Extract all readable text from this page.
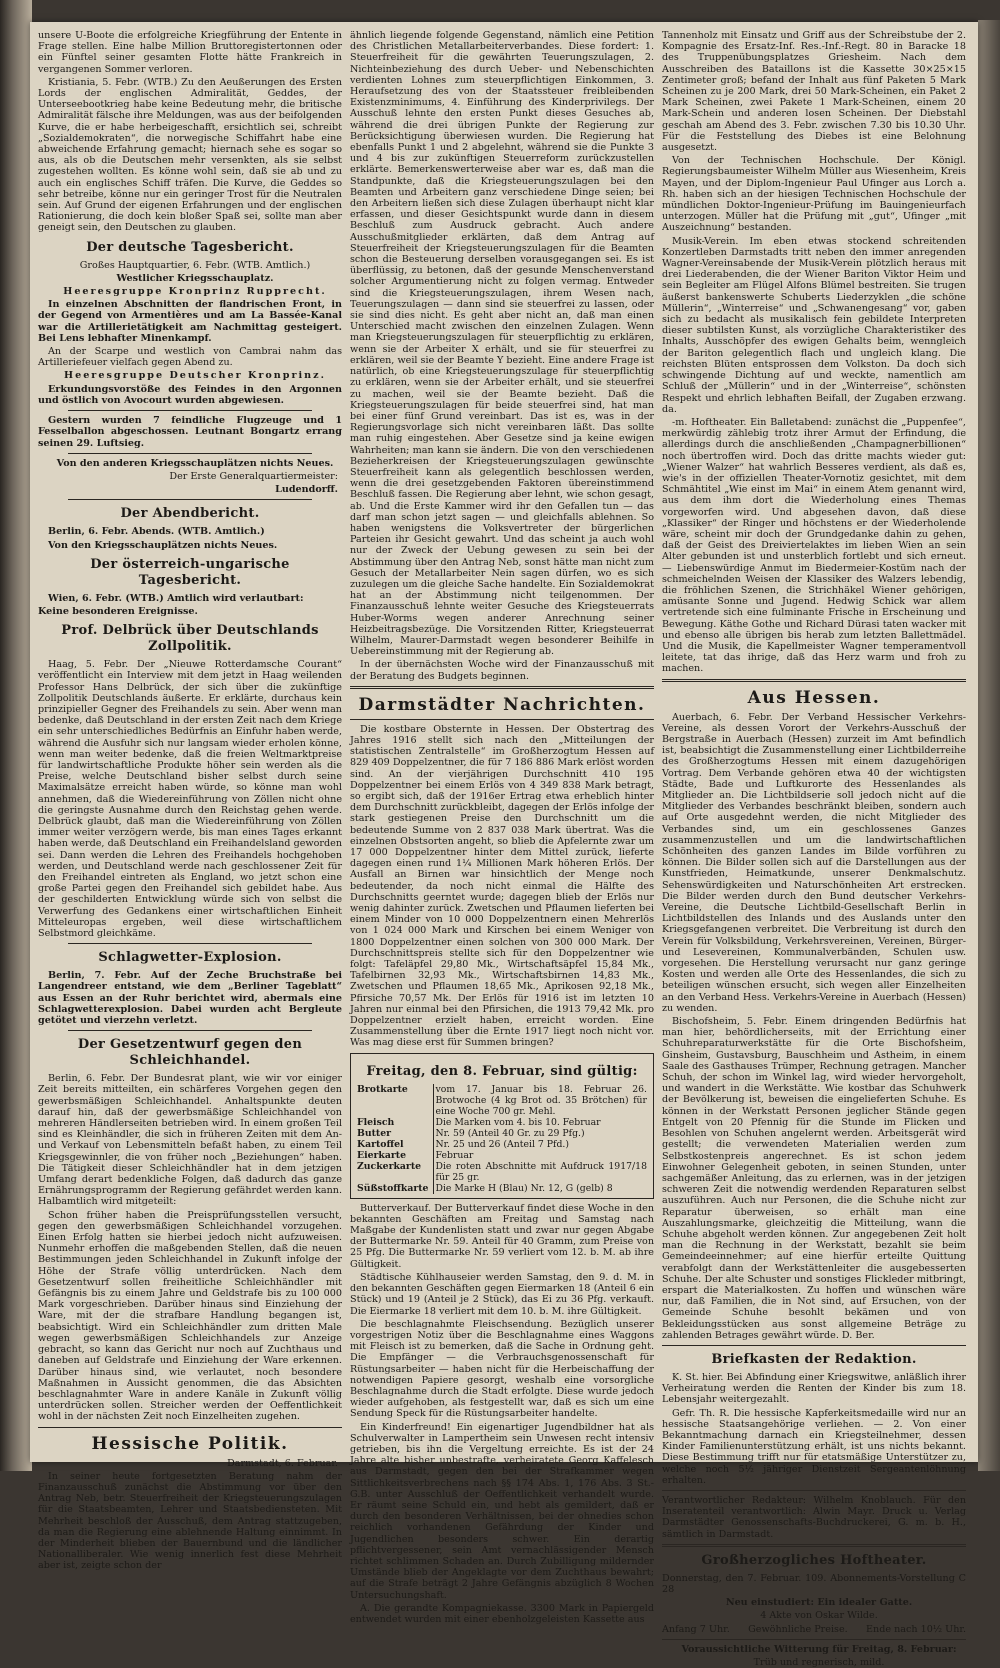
unsere U-Boote die erfolgreiche Kriegführung der Entente in Frage stellen. Eine halbe Million Bruttoregistertonnen oder ein Fünftel seiner gesamten Flotte hätte Frankreich in vergangenen Sommer verloren.

Kristiania, 5. Febr. (WTB.) Zu den Aeußerungen des Ersten Lords der englischen Admiralität, Geddes, der Unterseebootkrieg habe keine Bedeutung mehr, die britische Admiralität fälsche ihre Meldungen, was aus der beifolgenden Kurve, die er habe herbeigeschafft, ersichtlich sei, schreibt „Sozialdemokraten“, die norwegische Schiffahrt habe eine abweichende Erfahrung gemacht; hiernach sehe es sogar so aus, als ob die Deutschen mehr versenkten, als sie selbst zugestehen wollten. Es könne wohl sein, daß sie ab und zu auch ein englisches Schiff träfen. Die Kurve, die Geddes so sehr betreibe, könne nur ein geringer Trost für die Neutralen sein. Auf Grund der eigenen Erfahrungen und der englischen Rationierung, die doch kein bloßer Spaß sei, sollte man aber geneigt sein, den Deutschen zu glauben.

Der deutsche Tagesbericht.

Großes Hauptquartier, 6. Febr. (WTB. Amtlich.)

Westlicher Kriegsschauplatz.

Heeresgruppe Kronprinz Rupprecht.

In einzelnen Abschnitten der flandrischen Front, in der Gegend von Armentières und am La Bassée-Kanal war die Artillerietätigkeit am Nachmittag gesteigert. Bei Lens lebhafter Minenkampf.

An der Scarpe und westlich von Cambrai nahm das Artilleriefeuer vielfach gegen Abend zu.

Heeresgruppe Deutscher Kronprinz.

Erkundungsvorstöße des Feindes in den Argonnen und östlich von Avocourt wurden abgewiesen.

Gestern wurden 7 feindliche Flugzeuge und 1 Fesselballon abgeschossen. Leutnant Bongartz errang seinen 29. Luftsieg.

Von den anderen Kriegsschauplätzen nichts Neues.

Der Erste Generalquartiermeister:

Ludendorff.

Der Abendbericht.

Berlin, 6. Febr. Abends. (WTB. Amtlich.)

Von den Kriegsschauplätzen nichts Neues.

Der österreich-ungarische Tagesbericht.

Wien, 6. Febr. (WTB.) Amtlich wird verlautbart:

Keine besonderen Ereignisse.

Prof. Delbrück über Deutschlands Zollpolitik.

Haag, 5. Febr. Der „Nieuwe Rotterdamsche Courant“ veröffentlicht ein Interview mit dem jetzt in Haag weilenden Professor Hans Delbrück, der sich über die zukünftige Zollpolitik Deutschlands äußerte. Er erklärte, durchaus kein prinzipieller Gegner des Freihandels zu sein. Aber wenn man bedenke, daß Deutschland in der ersten Zeit nach dem Kriege ein sehr unterschiedliches Bedürfnis an Einfuhr haben werde, während die Ausfuhr sich nur langsam wieder erholen könne, wenn man weiter bedenke, daß die freien Weltmarktpreise für landwirtschaftliche Produkte höher sein werden als die Preise, welche Deutschland bisher selbst durch seine Maximalsätze erreicht haben würde, so könne man wohl annehmen, daß die Wiedereinführung von Zöllen nicht ohne die geringste Ausnahme durch den Reichstag gehen werde. Delbrück glaubt, daß man die Wiedereinführung von Zöllen immer weiter verzögern werde, bis man eines Tages erkannt haben werde, daß Deutschland ein Freihandelsland geworden sei. Dann werden die Lehren des Freihandels hochgehoben werden, und Deutschland werde nach geschlossener Zeit für den Freihandel eintreten als England, wo jetzt schon eine große Partei gegen den Freihandel sich gebildet habe. Aus der geschilderten Entwicklung würde sich von selbst die Verwerfung des Gedankens einer wirtschaftlichen Einheit Mitteleuropas ergeben, weil diese wirtschaftlichem Selbstmord gleichkäme.

Schlagwetter-Explosion.

Berlin, 7. Febr. Auf der Zeche Bruchstraße bei Langendreer entstand, wie dem „Berliner Tageblatt“ aus Essen an der Ruhr berichtet wird, abermals eine Schlagwetterexplosion. Dabei wurden acht Bergleute getötet und vierzehn verletzt.

Der Gesetzentwurf gegen den Schleichhandel.

Berlin, 6. Febr. Der Bundesrat plant, wie wir vor einiger Zeit bereits mitteilten, ein schärferes Vorgehen gegen den gewerbsmäßigen Schleichhandel. Anhaltspunkte deuten darauf hin, daß der gewerbsmäßige Schleichhandel von mehreren Händlerseiten betrieben wird. In einem großen Teil sind es Kleinhändler, die sich in früheren Zeiten mit dem An- und Verkauf von Lebensmitteln befaßt haben, zu einem Teil Kriegsgewinnler, die von früher noch „Beziehungen“ haben. Die Tätigkeit dieser Schleichhändler hat in dem jetzigen Umfang derart bedenkliche Folgen, daß dadurch das ganze Ernährungsprogramm der Regierung gefährdet werden kann. Halbamtlich wird mitgeteilt:

Schon früher haben die Preisprüfungsstellen versucht, gegen den gewerbsmäßigen Schleichhandel vorzugehen. Einen Erfolg hatten sie hierbei jedoch nicht aufzuweisen. Nunmehr erhoffen die maßgebenden Stellen, daß die neuen Bestimmungen jeden Schleichhandel in Zukunft infolge der Höhe der Strafe völlig unterdrücken. Nach dem Gesetzentwurf sollen freiheitliche Schleichhändler mit Gefängnis bis zu einem Jahre und Geldstrafe bis zu 100 000 Mark vorgeschrieben. Darüber hinaus sind Einziehung der Ware, mit der die strafbare Handlung begangen ist, beabsichtigt. Wird ein Schleichhändler zum dritten Male wegen gewerbsmäßigen Schleichhandels zur Anzeige gebracht, so kann das Gericht nur noch auf Zuchthaus und daneben auf Geldstrafe und Einziehung der Ware erkennen. Darüber hinaus sind, wie verlautet, noch besondere Maßnahmen in Aussicht genommen, die das Absichten beschlagnahmter Ware in andere Kanäle in Zukunft völlig unterdrücken sollen. Streicher werden der Oeffentlichkeit wohl in der nächsten Zeit noch Einzelheiten zugehen.

Hessische Politik.

Darmstadt, 6. Februar.

In seiner heute fortgesetzten Beratung nahm der Finanzausschuß zunächst die Abstimmung vor über den Antrag Neb, betr. Steuerfreiheit der Kriegsteuerungszulagen für die Staatsbeamten, Lehrer und Staatsbediensteten. Mit Mehrheit beschloß der Ausschuß, dem Antrag stattzugeben, da man die Regierung eine ablehnende Haltung einnimmt. In der Minderheit blieben der Bauernbund und die ländlicher Nationalliberaler. Wie wenig innerlich fest diese Mehrheit aber ist, zeigte schon der

ähnlich liegende folgende Gegenstand, nämlich eine Petition des Christlichen Metallarbeiterverbandes. Diese fordert: 1. Steuerfreiheit für die gewährten Teuerungszulagen, 2. Nichteinbeziehung des durch Ueber- und Nebenschichten verdienten Lohnes zum steuerpflichtigen Einkommen, 3. Heraufsetzung des von der Staatssteuer freibleibenden Existenzminimums, 4. Einführung des Kinderprivilegs. Der Ausschuß lehnte den ersten Punkt dieses Gesuches ab, während die drei übrigen Punkte der Regierung zur Berücksichtigung überwiesen wurden. Die Regierung hat ebenfalls Punkt 1 und 2 abgelehnt, während sie die Punkte 3 und 4 bis zur zukünftigen Steuerreform zurückzustellen erklärte. Bemerkenswerterweise aber war es, daß man die Standpunkte, daß die Kriegsteuerungszulagen bei den Beamten und Arbeitern ganz verschiedene Dinge seien; bei den Arbeitern ließen sich diese Zulagen überhaupt nicht klar erfassen, und dieser Gesichtspunkt wurde dann in diesem Beschluß zum Ausdruck gebracht. Auch andere Ausschußmitglieder erklärten, daß dem Antrag auf Steuerfreiheit der Kriegsteuerungszulagen für die Beamten schon die Besteuerung derselben vorausgegangen sei. Es ist überflüssig, zu betonen, daß der gesunde Menschenverstand solcher Argumentierung nicht zu folgen vermag. Entweder sind die Kriegsteuerungszulagen, ihrem Wesen nach, Teuerungszulagen — dann sind sie steuerfrei zu lassen, oder sie sind dies nicht. Es geht aber nicht an, daß man einen Unterschied macht zwischen den einzelnen Zulagen. Wenn man Kriegsteuerungszulagen für steuerpflichtig zu erklären, wenn sie der Arbeiter X erhält, und sie für steuerfrei zu erklären, weil sie der Beamte Y bezieht. Eine andere Frage ist natürlich, ob eine Kriegsteuerungszulage für steuerpflichtig zu erklären, wenn sie der Arbeiter erhält, und sie steuerfrei zu machen, weil sie der Beamte bezieht. Daß die Kriegsteuerungszulagen für beide steuerfrei sind, hat man bei einer fünf Grund vereinbart. Das ist es, was in der Regierungsvorlage sich nicht vereinbaren läßt. Das sollte man ruhig eingestehen. Aber Gesetze sind ja keine ewigen Wahrheiten; man kann sie ändern. Die von den verschiedenen Bezieherkreisen der Kriegsteuerungszulagen gewünschte Steuerfreiheit kann als gelegentlich beschlossen werden, wenn die drei gesetzgebenden Faktoren übereinstimmend Beschluß fassen. Die Regierung aber lehnt, wie schon gesagt, ab. Und die Erste Kammer wird ihr den Gefallen tun — das darf man schon jetzt sagen — und gleichfalls ablehnen. So haben wenigstens die Volksvertreter der bürgerlichen Parteien ihr Gesicht gewahrt. Und das scheint ja auch wohl nur der Zweck der Uebung gewesen zu sein bei der Abstimmung über den Antrag Neb, sonst hätte man nicht zum Gesuch der Metallarbeiter Nein sagen dürfen, wo es sich zuzulegen um die gleiche Sache handelte. Ein Sozialdemokrat hat an der Abstimmung nicht teilgenommen. Der Finanzausschuß lehnte weiter Gesuche des Kriegsteuerrats Huber-Worms wegen anderer Anrechnung seiner Heizbeitragsbezüge. Die Vorsitzenden Ritter, Kriegsteuerrat Wilhelm, Maurer-Darmstadt wegen besonderer Beihilfe in Uebereinstimmung mit der Regierung ab.

In der übernächsten Woche wird der Finanzausschuß mit der Beratung des Budgets beginnen.

Darmstädter Nachrichten.

Die kostbare Obsternte in Hessen. Der Obstertrag des Jahres 1916 stellt sich nach den „Mitteilungen der statistischen Zentralstelle“ im Großherzogtum Hessen auf 829 409 Doppelzentner, die für 7 186 886 Mark erlöst worden sind. An der vierjährigen Durchschnitt 410 195 Doppelzentner bei einem Erlös von 4 349 838 Mark betragt, so ergibt sich, daß der 1916er Ertrag etwa erheblich hinter dem Durchschnitt zurückbleibt, dagegen der Erlös infolge der stark gestiegenen Preise den Durchschnitt um die bedeutende Summe von 2 837 038 Mark übertrat. Was die einzelnen Obstsorten angeht, so blieb die Apfelernte zwar um 17 000 Doppelzentner hinter dem Mittel zurück, lieferte dagegen einen rund 1¼ Millionen Mark höheren Erlös. Der Ausfall an Birnen war hinsichtlich der Menge noch bedeutender, da noch nicht einmal die Hälfte des Durchschnitts geerntet wurde; dagegen blieb der Erlös nur wenig dahinter zurück. Zwetschen und Pflaumen lieferten bei einem Minder von 10 000 Doppelzentnern einen Mehrerlös von 1 024 000 Mark und Kirschen bei einem Weniger von 1800 Doppelzentner einen solchen von 300 000 Mark. Der Durchschnittspreis stellte sich für den Doppelzentner wie folgt: Tafeläpfel 29,80 Mk., Wirtschaftsäpfel 15,84 Mk., Tafelbirnen 32,93 Mk., Wirtschaftsbirnen 14,83 Mk., Zwetschen und Pflaumen 18,65 Mk., Aprikosen 92,18 Mk., Pfirsiche 70,57 Mk. Der Erlös für 1916 ist im letzten 10 Jahren nur einmal bei den Pfirsichen, die 1913 79,42 Mk. pro Doppelzentner erzielt haben, erreicht worden. Eine Zusammenstellung über die Ernte 1917 liegt noch nicht vor. Was mag diese erst für Summen bringen?

Freitag, den 8. Februar, sind gültig:
Brotkarte	vom 17. Januar bis 18. Februar 26. Brotwoche (4 kg Brot od. 35 Brötchen) für eine Woche 700 gr. Mehl.
Fleisch	Die Marken vom 4. bis 10. Februar
Butter	Nr. 59 (Anteil 40 Gr. zu 29 Pfg.)
Kartoffel	Nr. 25 und 26 (Anteil 7 Pfd.)
Eierkarte	Februar
Zuckerkarte	Die roten Abschnitte mit Aufdruck 1917/18 für 25 gr.
Süßstoffkarte	Die Marke H (Blau) Nr. 12, G (gelb) 8

Butterverkauf. Der Butterverkauf findet diese Woche in den bekannten Geschäften am Freitag und Samstag nach Maßgabe der Kundenlisten statt und zwar nur gegen Abgabe der Buttermarke Nr. 59. Anteil für 40 Gramm, zum Preise von 25 Pfg. Die Buttermarke Nr. 59 verliert vom 12. b. M. ab ihre Gültigkeit.

Städtische Kühlhauseier werden Samstag, den 9. d. M. in den bekannten Geschäften gegen Eiermarken 18 (Anteil 6 ein Stück) und 19 (Anteil je 2 Stück), das Ei zu 36 Pfg. verkauft. Die Eiermarke 18 verliert mit dem 10. b. M. ihre Gültigkeit.

Die beschlagnahmte Fleischsendung. Bezüglich unserer vorgestrigen Notiz über die Beschlagnahme eines Waggons mit Fleisch ist zu bemerken, daß die Sache in Ordnung geht. Die Empfänger — die Verbrauchsgenossenschaft für Rüstungsarbeiter — haben nicht für die Herbeischaffung der notwendigen Papiere gesorgt, weshalb eine vorsorgliche Beschlagnahme durch die Stadt erfolgte. Diese wurde jedoch wieder aufgehoben, als festgestellt war, daß es sich um eine Sendung Speck für die Rüstungsarbeiter handelte.

Ein Kinderfreund! Ein eigenartiger Jugendbildner hat als Schulverwalter in Lampertheim sein Unwesen recht intensiv getrieben, bis ihn die Vergeltung erreichte. Es ist der 24 Jahre alte bisher unbestrafte, verheiratete Georg Kaffelesch aus Darmstadt, gegen den bei der Strafkammer wegen Sittlichkeitsverbrechens nach §§ 174 Abs. 1, 176 Abs. 3 St.-G.B. unter Ausschluß der Oeffentlichkeit verhandelt wurde. Er räumt seine Schuld ein, und hebt als gemildert, daß er durch den besonderen Verhältnissen, bei der ohnedies schon reichlich vorhandenen Gefährdung der Kinder und Jugendlichen besonders schwer. Ein derartig pflichtvergessener, sein Amt vernachlässigender Mensch richtet schlimmen Schaden an. Durch Zubilligung mildernder Umstände blieb der Angeklagte vor dem Zuchthaus bewahrt; auf die Strafe beträgt 2 Jahre Gefängnis abzüglich 8 Wochen Untersuchungshaft.

A. Die gerandte Kompagniekasse. 3300 Mark in Papiergeld entwendet wurden mit einer ebenholzgeleisten Kassette aus

Tannenholz mit Einsatz und Griff aus der Schreibstube der 2. Kompagnie des Ersatz-Inf. Res.-Inf.-Regt. 80 in Baracke 18 des Truppenübungsplatzes Griesheim. Nach dem Ausschreiben des Bataillons ist die Kassette 30×25×15 Zentimeter groß; befand der Inhalt aus fünf Paketen 5 Mark Scheinen zu je 200 Mark, drei 50 Mark-Scheinen, ein Paket 2 Mark Scheinen, zwei Pakete 1 Mark-Scheinen, einem 20 Mark-Schein und anderen losen Scheinen. Der Diebstahl geschah am Abend des 3. Febr. zwischen 7.30 bis 10.30 Uhr. Für die Feststellung des Diebes ist eine Belohnung ausgesetzt.

Von der Technischen Hochschule. Der Königl. Regierungsbaumeister Wilhelm Müller aus Wiesenheim, Kreis Mayen, und der Diplom-Ingenieur Paul Ufinger aus Lorch a. Rh. haben sich an der hiesigen Technischen Hochschule der mündlichen Doktor-Ingenieur-Prüfung im Bauingenieurfach unterzogen. Müller hat die Prüfung mit „gut“, Ufinger „mit Auszeichnung“ bestanden.

Musik-Verein. Im eben etwas stockend schreitenden Konzertleben Darmstadts tritt neben den immer anregenden Wagner-Vereinsabende der Musik-Verein plötzlich heraus mit drei Liederabenden, die der Wiener Bariton Viktor Heim und sein Begleiter am Flügel Alfons Blümel bestreiten. Sie trugen äußerst bankenswerte Schuberts Liederzyklen „die schöne Müllerin“, „Winterreise“ und „Schwanengesang“ vor, gaben sich zu bedacht als musikalisch fein gebildete Interpreten dieser subtilsten Kunst, als vorzügliche Charakteristiker des Inhalts, Ausschöpfer des ewigen Gehalts beim, wenngleich der Bariton gelegentlich flach und ungleich klang. Die reichsten Blüten entsprossen dem Volkston. Da doch sich schwingende Dichtung auf und weckte, namentlich am Schluß der „Müllerin“ und in der „Winterreise“, schönsten Respekt und ehrlich lebhaften Beifall, der Zugaben erzwang. da.

-m. Hoftheater. Ein Balletabend: zunächst die „Puppenfee“, merkwürdig zählebig trotz ihrer Armut der Erfindung, die allerdings durch die anschließenden „Champagnerbillionen“ noch übertroffen wird. Doch das dritte machts wieder gut: „Wiener Walzer“ hat wahrlich Besseres verdient, als daß es, wie's in der offiziellen Theater-Vornotiz gesichtet, mit dem Schmähtitel „Wie einst im Mai“ in einem Atem genannt wird, aus dem ihm dort die Wiederholung eines Themas vorgeworfen wird. Und abgesehen davon, daß diese „Klassiker“ der Ringer und höchstens er der Wiederholende wäre, scheint mir doch der Grundgedanke dahin zu gehen, daß der Geist des Dreiviertelaktes im lieben Wien an sein Alter gebunden ist und unsterblich fortlebt und sich erneut. — Liebenswürdige Anmut im Biedermeier-Kostüm nach der schmeichelnden Weisen der Klassiker des Walzers lebendig, die fröhlichen Szenen, die Strichhäkel Wiener gehörigen, amüsante Sonne und Jugend. Hedwig Schick war allem vertretende sich eine fulminante Frische in Erscheinung und Bewegung. Käthe Gothe und Richard Dürasi taten wacker mit und ebenso alle übrigen bis herab zum letzten Ballettmädel. Und die Musik, die Kapellmeister Wagner temperamentvoll leitete, tat das ihrige, daß das Herz warm und froh zu machen.

Aus Hessen.

Auerbach, 6. Febr. Der Verband Hessischer Verkehrs-Vereine, als dessen Vorort der Verkehrs-Ausschuß der Bergstraße in Auerbach (Hessen) zurzeit im Amt befindlich ist, beabsichtigt die Zusammenstellung einer Lichtbilderreihe des Großherzogtums Hessen mit einem dazugehörigen Vortrag. Dem Verbande gehören etwa 40 der wichtigsten Städte, Bade und Luftkurorte des Hessenlandes als Mitglieder an. Die Lichtbildserie soll jedoch nicht auf die Mitglieder des Verbandes beschränkt bleiben, sondern auch auf Orte ausgedehnt werden, die nicht Mitglieder des Verbandes sind, um ein geschlossenes Ganzes zusammenzustellen und um die landwirtschaftlichen Schönheiten des ganzen Landes im Bilde vorführen zu können. Die Bilder sollen sich auf die Darstellungen aus der Kunstfrieden, Heimatkunde, unserer Denkmalschutz. Sehenswürdigkeiten und Naturschönheiten Art erstrecken. Die Bilder werden durch den Bund deutscher Verkehrs-Vereine, die Deutsche Lichtbild-Gesellschaft Berlin in Lichtbildstellen des Inlands und des Auslands unter den Kriegsgefangenen verbreitet. Die Verbreitung ist durch den Verein für Volksbildung, Verkehrsvereinen, Vereinen, Bürger- und Lesevereinen, Kommunalverbänden, Schulen usw. vorgesehen. Die Herstellung verursacht nur ganz geringe Kosten und werden alle Orte des Hessenlandes, die sich zu beteiligen wünschen ersucht, sich wegen aller Einzelheiten an den Verband Hess. Verkehrs-Vereine in Auerbach (Hessen) zu wenden.

Bischofsheim, 5. Febr. Einem dringenden Bedürfnis hat man hier, behördlicherseits, mit der Errichtung einer Schuhreparaturwerkstätte für die Orte Bischofsheim, Ginsheim, Gustavsburg, Bauschheim und Astheim, in einem Saale des Gasthauses Trümper, Rechnung getragen. Mancher Schuh, der schon im Winkel lag, wird wieder hervorgeholt, und wandert in die Werkstätte. Wie kostbar das Schuhwerk der Bevölkerung ist, beweisen die eingelieferten Schuhe. Es können in der Werkstatt Personen jeglicher Stände gegen Entgelt von 20 Pfennig für die Stunde im Flicken und Besohlen von Schuhen angelernt werden. Arbeitsgerät wird gestellt; die verwendeten Materialien werden zum Selbstkostenpreis angerechnet. Es ist schon jedem Einwohner Gelegenheit geboten, in seinen Stunden, unter sachgemäßer Anleitung, das zu erlernen, was in der jetzigen schweren Zeit die notwendig werdenden Reparaturen selbst auszuführen. Auch nur Personen, die die Schuhe nicht zur Reparatur überweisen, so erhält man eine Auszahlungsmarke, gleichzeitig die Mitteilung, wann die Schuhe abgeholt werden können. Zur angegebenen Zeit holt man die Rechnung in der Werkstatt, bezahlt sie beim Gemeindeeinnehmer; auf eine hierfür erteilte Quittung verabfolgt dann der Werkstättenleiter die ausgebesserten Schuhe. Der alte Schuster und sonstiges Flickleder mitbringt, erspart die Materialkosten. Zu hoffen und wünschen wäre nur, daß Familien, die in Not sind, auf Ersuchen, von der Gemeinde Schuhe besohlt bekämen und von Bekleidungsstücken aus sonst allgemeine Beträge zu zahlenden Betrages gewährt würde. D. Ber.

Briefkasten der Redaktion.

K. St. hier. Bei Abfindung einer Kriegswitwe, anläßlich ihrer Verheiratung werden die Renten der Kinder bis zum 18. Lebensjahr weitergezahlt.

Gefr. Th. R. Die hessische Kapferkeitsmedaille wird nur an hessische Staatsangehörige verliehen. — 2. Von einer Bekanntmachung darnach ein Kriegsteilnehmer, dessen Kinder Familienunterstützung erhält, ist uns nichts bekannt. Diese Bestimmung trifft nur für etatsmäßige Unterstützer zu, welche noch 5½ jähriger Dienstzeit Sergeantenlöhnung erhalten.

Verantwortlicher Redakteur: Wilhelm Knoblauch. Für den Inseratenteil verantwortlich: Alwin Mayr. Druck u. Verlag Darmstädter Genossenschafts-Buchdruckerei, G. m. b. H., sämtlich in Darmstadt.

Großherzogliches Hoftheater.

Donnerstag, den 7. Februar. 109. Abonnements-Vorstellung C 28

Neu einstudiert: Ein idealer Gatte.

4 Akte von Oskar Wilde.

Anfang 7 Uhr. Gewöhnliche Preise. Ende nach 10½ Uhr.

Voraussichtliche Witterung für Freitag, 8. Februar:

Trüb und regnerisch, mild.
